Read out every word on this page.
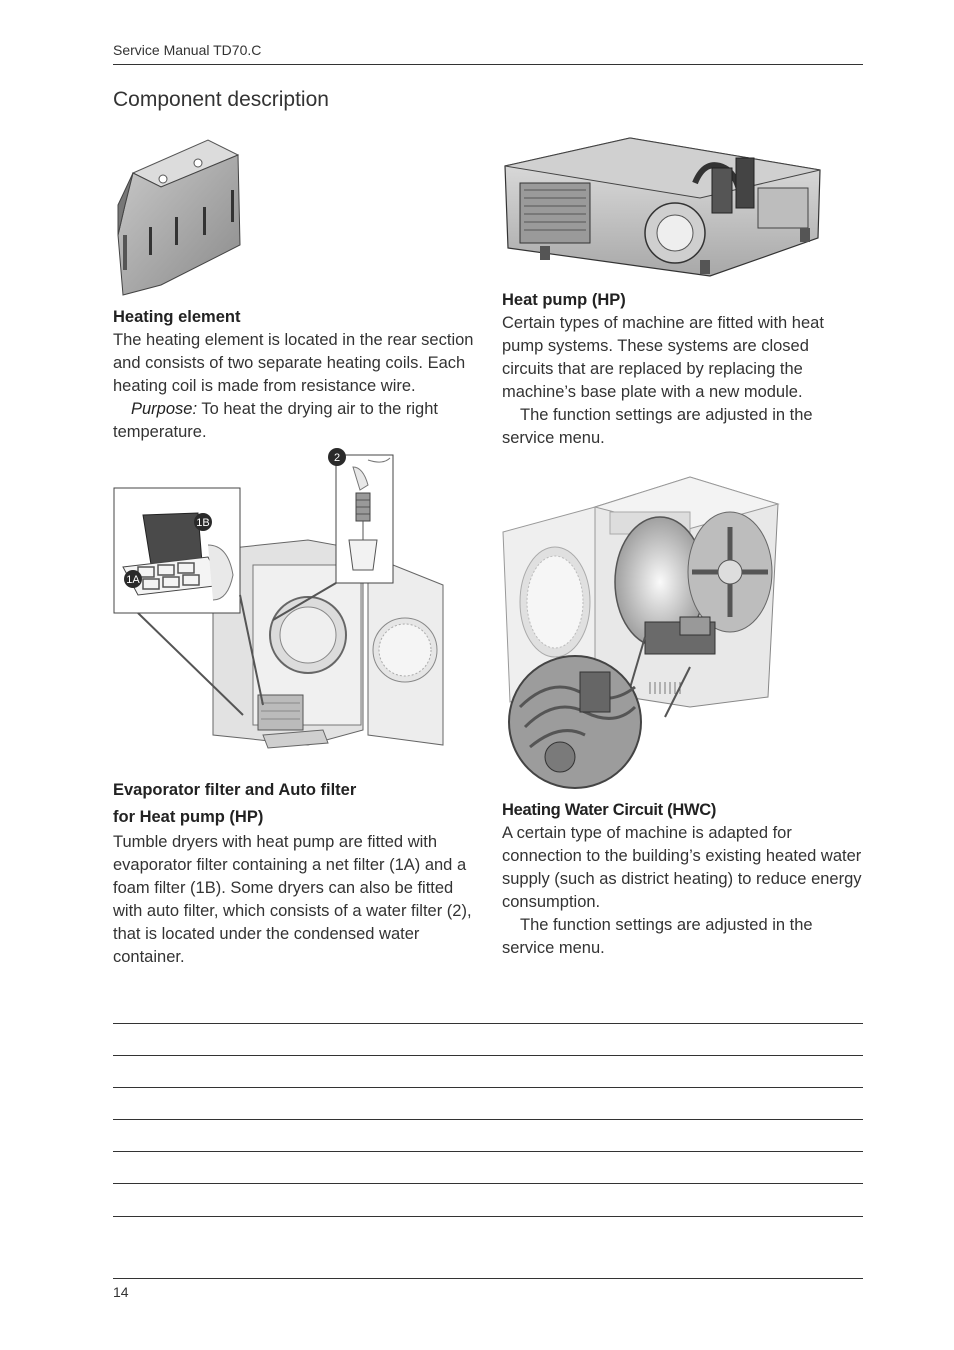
Service Manual TD70.C
Component description
Heating element

The heating element is located in the rear section and consists of two separate heating coils. Each heating coil is made from resistance wire.

Purpose: To heat the drying air to the right temperature.

Heat pump (HP)

Certain types of machine are fitted with heat pump systems. These systems are closed circuits that are replaced by replacing the machine’s base plate with a new module.

The function settings are adjusted in the service menu.

1B
1A
2
Evaporator filter and Auto filter
for Heat pump (HP)

Tumble dryers with heat pump are fitted with evaporator filter containing a net filter (1A) and a foam filter (1B). Some dryers can also be fitted with auto filter, which consists of a water filter (2), that is located under the condensed water container.

Heating Water Circuit (HWC)

A certain type of machine is adapted for connection to the building’s existing heated water supply (such as district heating) to reduce energy consumption.

The function settings are adjusted in the service menu.

14
